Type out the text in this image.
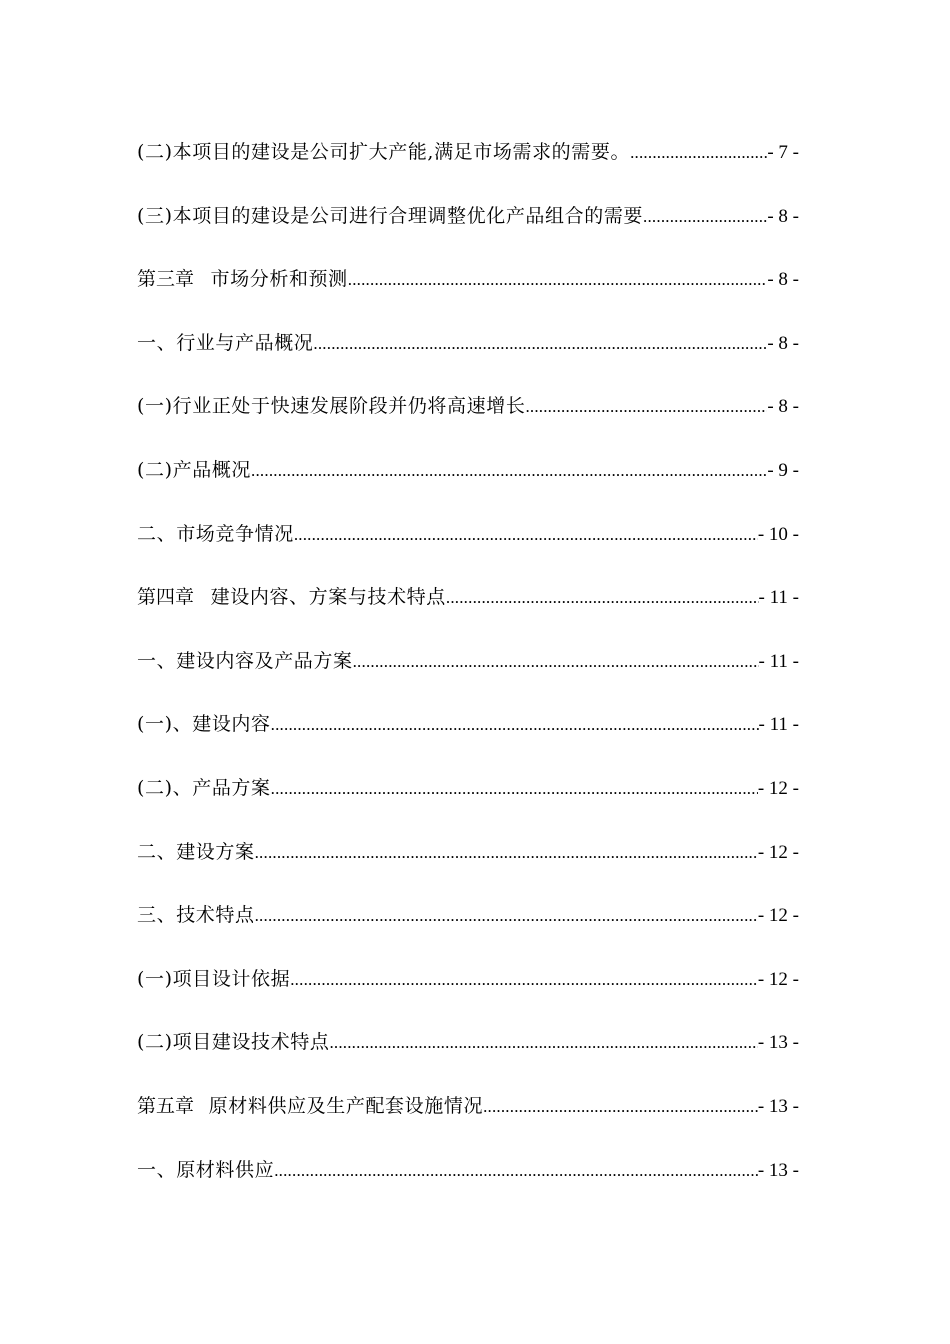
(二)本项目的建设是公司扩大产能,满足市场需求的需要。 .....	- 7 -
(三)本项目的建设是公司进行合理调整优化产品组合的需要 .....	- 8 -
第三章 市场分析和预测 .....	- 8 -
一、行业与产品概况 .....	- 8 -
(一)行业正处于快速发展阶段并仍将高速增长 .....	- 8 -
(二)产品概况 .....	- 9 -
二、市场竞争情况 .....	- 10 -
第四章 建设内容、方案与技术特点 .....	- 11 -
一、建设内容及产品方案 .....	- 11 -
(一)、建设内容 .....	- 11 -
(二)、产品方案 .....	- 12 -
二、建设方案 .....	- 12 -
三、技术特点 .....	- 12 -
(一)项目设计依据 .....	- 12 -
(二)项目建设技术特点 .....	- 13 -
第五章 原材料供应及生产配套设施情况 .....	- 13 -
一、原材料供应 .....	- 13 -
